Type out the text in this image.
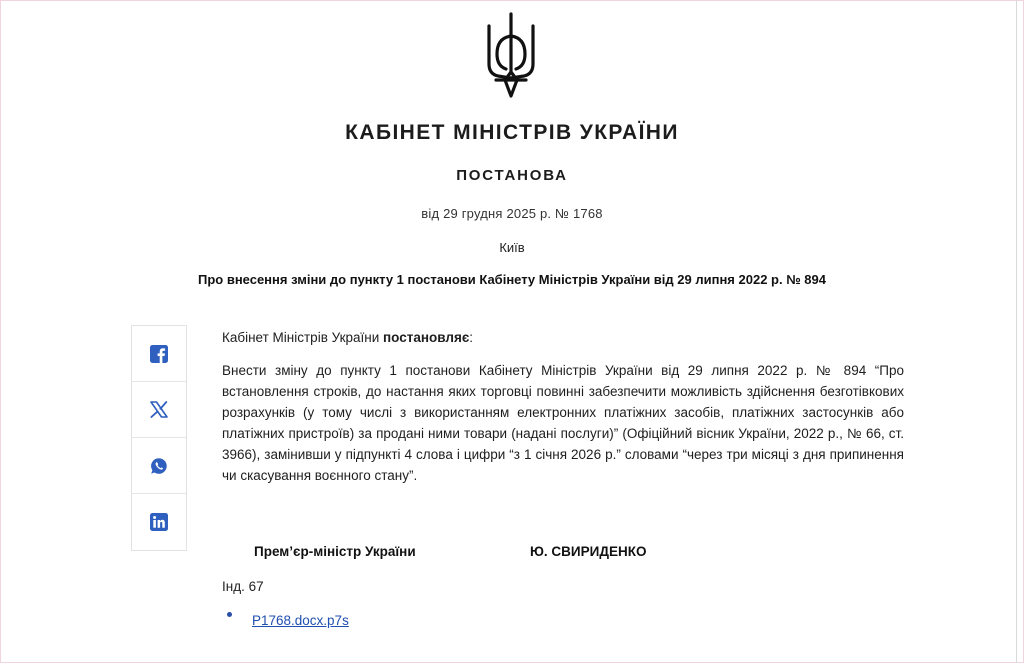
КАБІНЕТ МІНІСТРІВ УКРАЇНИ
ПОСТАНОВА
від 29 грудня 2025 р. № 1768
Київ
Про внесення зміни до пункту 1 постанови Кабінету Міністрів України від 29 липня 2022 р. № 894
Кабінет Міністрів України постановляє:
Внести зміну до пункту 1 постанови Кабінету Міністрів України від 29 липня 2022 р. № 894 “Про встановлення строків, до настання яких торговці повинні забезпечити можливість здійснення безготівкових розрахунків (у тому числі з використанням електронних платіжних засобів, платіжних застосунків або платіжних пристроїв) за продані ними товари (надані послуги)” (Офіційний вісник України, 2022 р., № 66, ст. 3966), замінивши у підпункті 4 слова і цифри “з 1 січня 2026 р.” словами “через три місяці з дня припинення чи скасування воєнного стану”.
Прем’єр-міністр України	Ю. СВИРИДЕНКО
Інд. 67
P1768.docx.p7s
